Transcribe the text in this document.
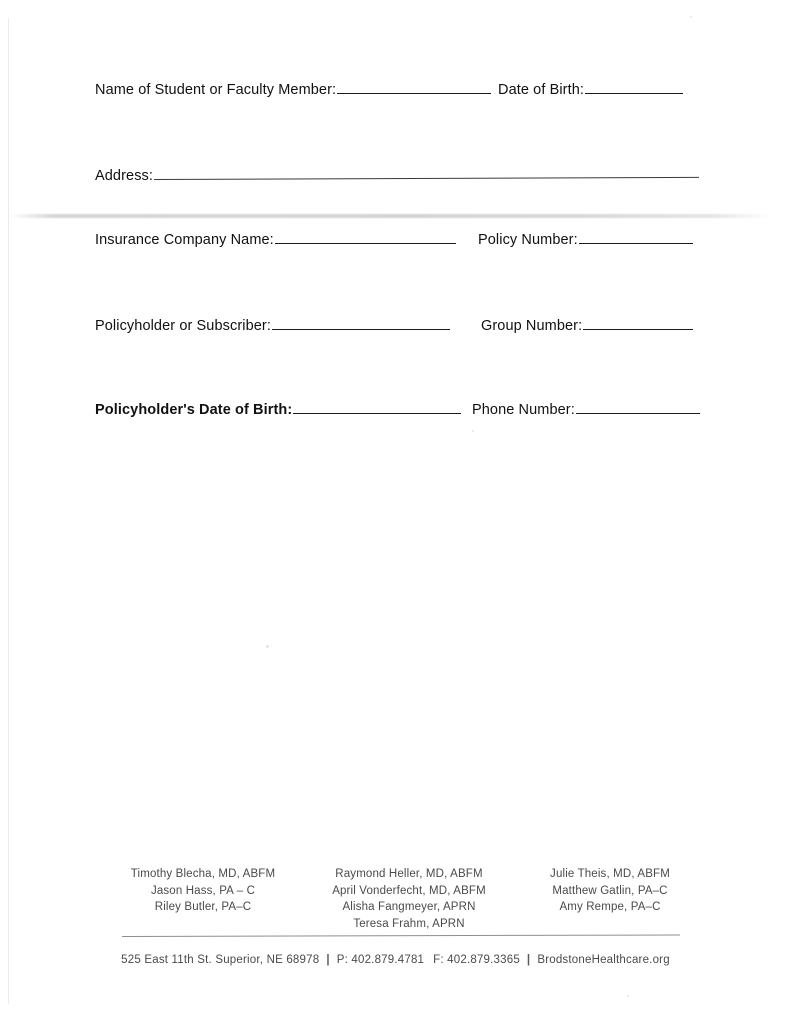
Name of Student or Faculty Member:	Date of Birth:
Address:
Insurance Company Name:	Policy Number:
Policyholder or Subscriber:	Group Number:
Policyholder's Date of Birth:	Phone Number:
Timothy Blecha, MD, ABFM
Jason Hass, PA – C
Riley Butler, PA–C
Raymond Heller, MD, ABFM
April Vonderfecht, MD, ABFM
Alisha Fangmeyer, APRN
Teresa Frahm, APRN
Julie Theis, MD, ABFM
Matthew Gatlin, PA–C
Amy Rempe, PA–C
525 East 11th St. Superior, NE 68978 | P: 402.879.4781 F: 402.879.3365 | BrodstoneHealthcare.org
